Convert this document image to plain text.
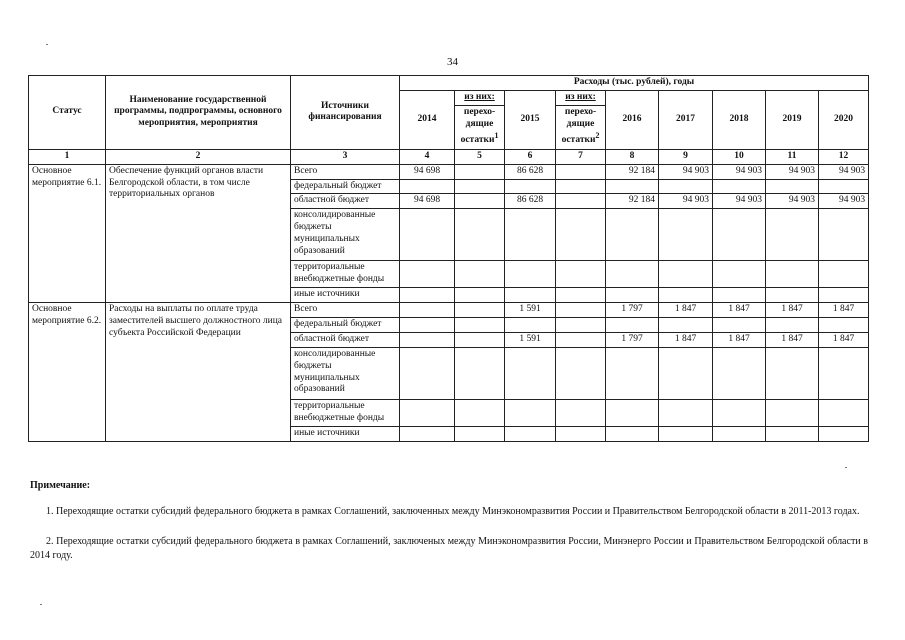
34
Статус	Наименование государственной программы, подпрограммы, основного мероприятия, мероприятия	Источники финансирования	Расходы (тыс. рублей), годы								
			2014	из них:	2015	из них:	2016	2017	2018	2019	2020
				перехо-дящие остатки$^1$		перехо-дящие остатки$^2$
1	2	3	4	5	6	7	8	9	10	11	12
Основное мероприятие 6.1.	Обеспечение функций органов власти Белгородской области, в том числе территориальных органов	Всего	94 698		86 628		92 184	94 903	94 903	94 903	94 903
		федеральный бюджет									
		областной бюджет	94 698		86 628		92 184	94 903	94 903	94 903	94 903
		консолидированные бюджеты муниципальных образований									
		территориальные внебюджетные фонды									
		иные источники									
Основное мероприятие 6.2.	Расходы на выплаты по оплате труда заместителей высшего должностного лица субъекта Российской Федерации	Всего			1 591		1 797	1 847	1 847	1 847	1 847
		федеральный бюджет									
		областной бюджет			1 591		1 797	1 847	1 847	1 847	1 847
		консолидированные бюджеты муниципальных образований									
		территориальные внебюджетные фонды									
		иные источники									
Примечание:
1. Переходящие остатки субсидий федерального бюджета в рамках Соглашений, заключенных между Минэкономразвития России и Правительством Белгородской области в 2011-2013 годах.
2. Переходящие остатки субсидий федерального бюджета в рамках Соглашений, заключеных между Минэкономразвития России, Минэнерго России и Правительством Белгородской области в 2014 году.
